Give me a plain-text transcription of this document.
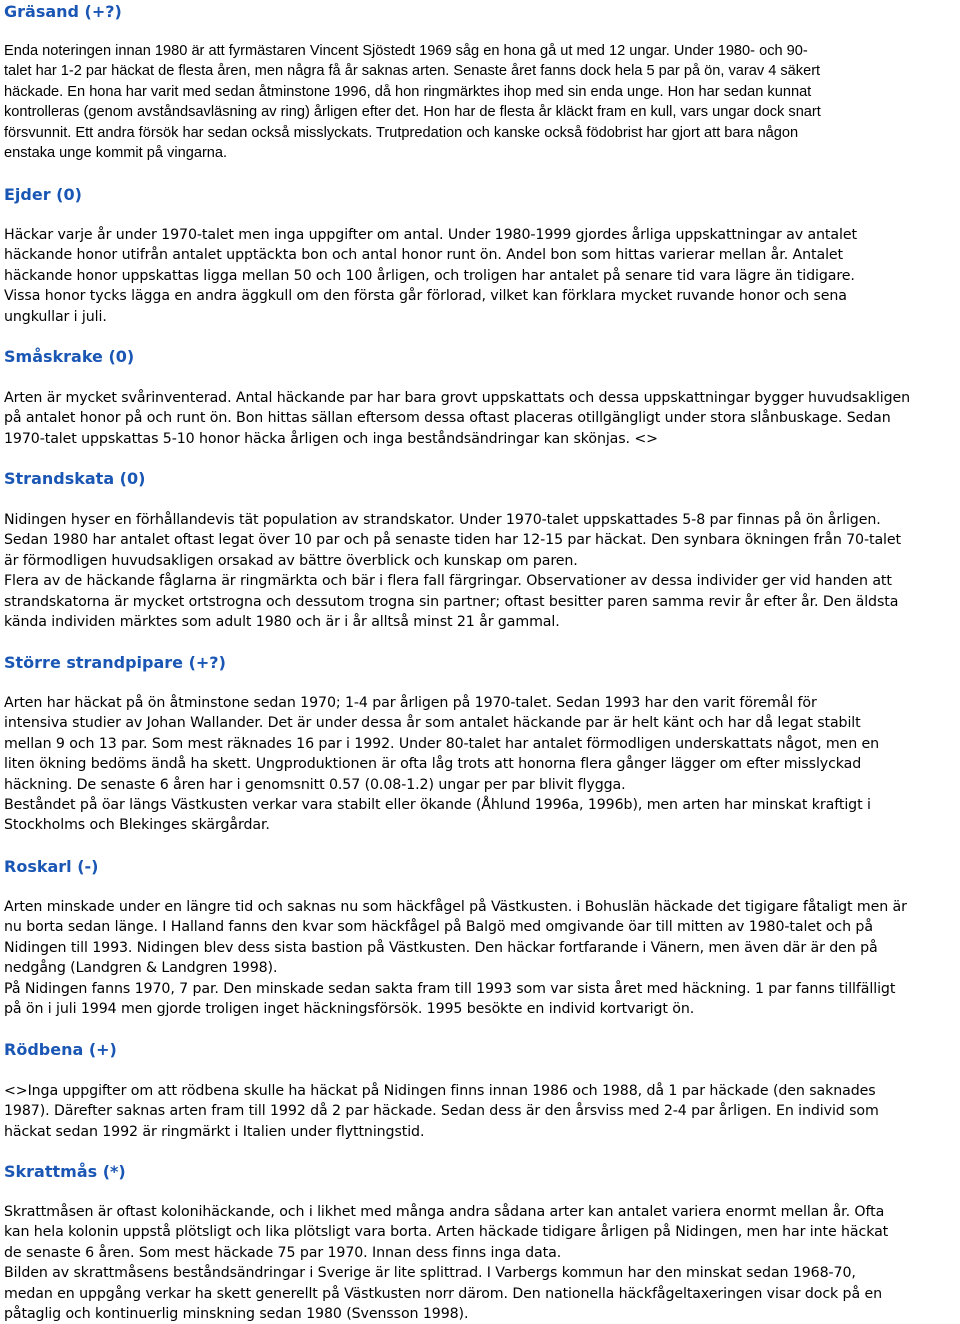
Gräsand (+?)
Enda noteringen innan 1980 är att fyrmästaren Vincent Sjöstedt 1969 såg en hona gå ut med 12 ungar. Under 1980- och 90-
talet har 1-2 par häckat de flesta åren, men några få år saknas arten. Senaste året fanns dock hela 5 par på ön, varav 4 säkert
häckade. En hona har varit med sedan åtminstone 1996, då hon ringmärktes ihop med sin enda unge. Hon har sedan kunnat
kontrolleras (genom avståndsavläsning av ring) årligen efter det. Hon har de flesta år kläckt fram en kull, vars ungar dock snart
försvunnit. Ett andra försök har sedan också misslyckats. Trutpredation och kanske också födobrist har gjort att bara någon
enstaka unge kommit på vingarna.
Ejder (0)
Häckar varje år under 1970-talet men inga uppgifter om antal. Under 1980-1999 gjordes årliga uppskattningar av antalet
häckande honor utifrån antalet upptäckta bon och antal honor runt ön. Andel bon som hittas varierar mellan år. Antalet
häckande honor uppskattas ligga mellan 50 och 100 årligen, och troligen har antalet på senare tid vara lägre än tidigare.
Vissa honor tycks lägga en andra äggkull om den första går förlorad, vilket kan förklara mycket ruvande honor och sena
ungkullar i juli.
Småskrake (0)
Arten är mycket svårinventerad. Antal häckande par har bara grovt uppskattats och dessa uppskattningar bygger huvudsakligen
på antalet honor på och runt ön. Bon hittas sällan eftersom dessa oftast placeras otillgängligt under stora slånbuskage. Sedan
1970-talet uppskattas 5-10 honor häcka årligen och inga beståndsändringar kan skönjas. <>
Strandskata (0)
Nidingen hyser en förhållandevis tät population av strandskator. Under 1970-talet uppskattades 5-8 par finnas på ön årligen.
Sedan 1980 har antalet oftast legat över 10 par och på senaste tiden har 12-15 par häckat. Den synbara ökningen från 70-talet
är förmodligen huvudsakligen orsakad av bättre överblick och kunskap om paren.
Flera av de häckande fåglarna är ringmärkta och bär i flera fall färgringar. Observationer av dessa individer ger vid handen att
strandskatorna är mycket ortstrogna och dessutom trogna sin partner; oftast besitter paren samma revir år efter år. Den äldsta
kända individen märktes som adult 1980 och är i år alltså minst 21 år gammal.
Större strandpipare (+?)
Arten har häckat på ön åtminstone sedan 1970; 1-4 par årligen på 1970-talet. Sedan 1993 har den varit föremål för
intensiva studier av Johan Wallander. Det är under dessa år som antalet häckande par är helt känt och har då legat stabilt
mellan 9 och 13 par. Som mest räknades 16 par i 1992. Under 80-talet har antalet förmodligen underskattats något, men en
liten ökning bedöms ändå ha skett. Ungproduktionen är ofta låg trots att honorna flera gånger lägger om efter misslyckad
häckning. De senaste 6 åren har i genomsnitt 0.57 (0.08-1.2) ungar per par blivit flygga.
Beståndet på öar längs Västkusten verkar vara stabilt eller ökande (Åhlund 1996a, 1996b), men arten har minskat kraftigt i
Stockholms och Blekinges skärgårdar.
Roskarl (-)
Arten minskade under en längre tid och saknas nu som häckfågel på Västkusten. i Bohuslän häckade det tigigare fåtaligt men är
nu borta sedan länge. I Halland fanns den kvar som häckfågel på Balgö med omgivande öar till mitten av 1980-talet och på
Nidingen till 1993. Nidingen blev dess sista bastion på Västkusten. Den häckar fortfarande i Vänern, men även där är den på
nedgång (Landgren & Landgren 1998).
På Nidingen fanns 1970, 7 par. Den minskade sedan sakta fram till 1993 som var sista året med häckning. 1 par fanns tillfälligt
på ön i juli 1994 men gjorde troligen inget häckningsförsök. 1995 besökte en individ kortvarigt ön.
Rödbena (+)
<>Inga uppgifter om att rödbena skulle ha häckat på Nidingen finns innan 1986 och 1988, då 1 par häckade (den saknades
1987). Därefter saknas arten fram till 1992 då 2 par häckade. Sedan dess är den årsviss med 2-4 par årligen. En individ som
häckat sedan 1992 är ringmärkt i Italien under flyttningstid.
Skrattmås (*)
Skrattmåsen är oftast kolonihäckande, och i likhet med många andra sådana arter kan antalet variera enormt mellan år. Ofta
kan hela kolonin uppstå plötsligt och lika plötsligt vara borta. Arten häckade tidigare årligen på Nidingen, men har inte häckat
de senaste 6 åren. Som mest häckade 75 par 1970. Innan dess finns inga data.
Bilden av skrattmåsens beståndsändringar i Sverige är lite splittrad. I Varbergs kommun har den minskat sedan 1968-70,
medan en uppgång verkar ha skett generellt på Västkusten norr därom. Den nationella häckfågeltaxeringen visar dock på en
påtaglig och kontinuerlig minskning sedan 1980 (Svensson 1998).
